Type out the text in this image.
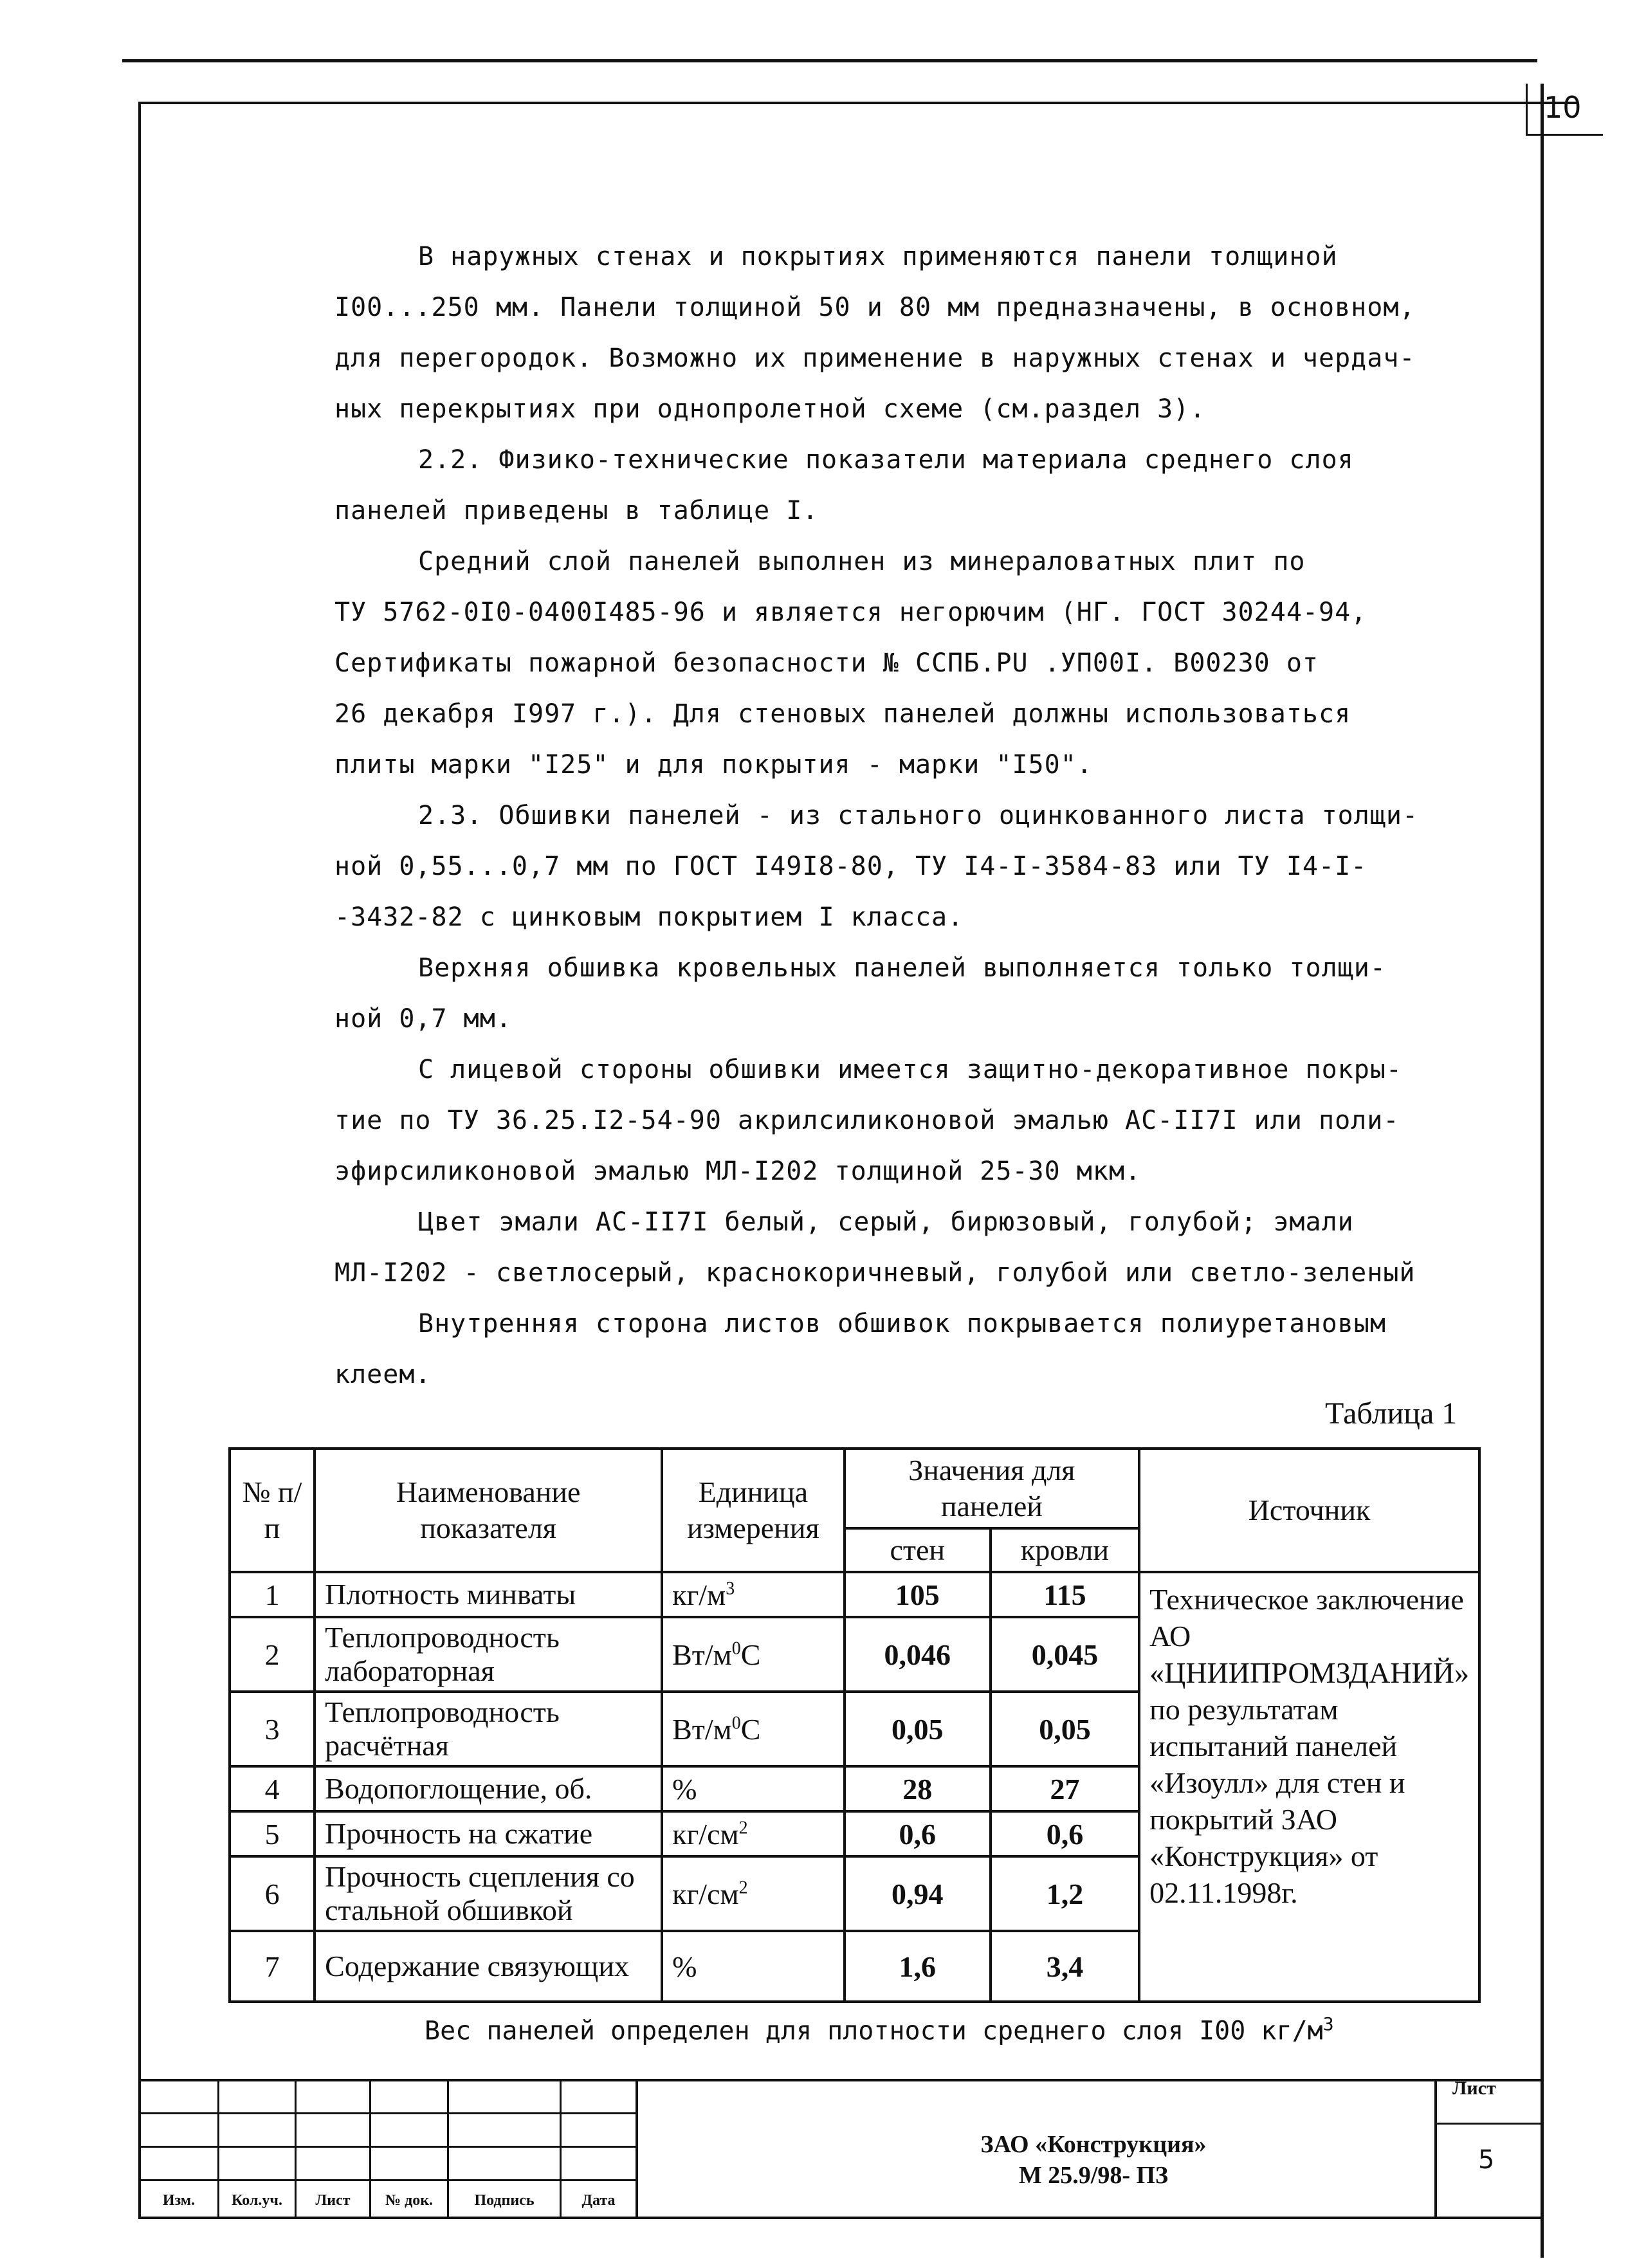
10
В наружных стенах и покрытиях применяются панели толщиной
I00...250 мм. Панели толщиной 50 и 80 мм предназначены, в основном,
для перегородок. Возможно их применение в наружных стенах и чердач-
ных перекрытиях при однопролетной схеме (см.раздел 3).
2.2. Физико-технические показатели материала среднего слоя
панелей приведены в таблице I.
Средний слой панелей выполнен из минераловатных плит по
ТУ 5762-0I0-0400I485-96 и является негорючим (НГ. ГОСТ 30244-94,
Сертификаты пожарной безопасности № ССПБ.РU .УП00I. В00230 от
26 декабря I997 г.). Для стеновых панелей должны использоваться
плиты марки "I25" и для покрытия - марки "I50".
2.3. Обшивки панелей - из стального оцинкованного листа толщи-
ной 0,55...0,7 мм по ГОСТ I49I8-80, ТУ I4-I-3584-83 или ТУ I4-I-
-3432-82 с цинковым покрытием I класса.
Верхняя обшивка кровельных панелей выполняется только толщи-
ной 0,7 мм.
С лицевой стороны обшивки имеется защитно-декоративное покры-
тие по ТУ 36.25.I2-54-90 акрилсиликоновой эмалью АС-II7I или поли-
эфирсиликоновой эмалью МЛ-I202 толщиной 25-30 мкм.
Цвет эмали АС-II7I белый, серый, бирюзовый, голубой; эмали
МЛ-I202 - светлосерый, краснокоричневый, голубой или светло-зеленый
Внутренняя сторона листов обшивок покрывается полиуретановым
клеем.
Таблица 1
№ п/п	Наименование показателя	Единица измерения	Значения для панелей		Источник
			стен	кровли	
1	Плотность минваты	$кг/м^3$	105	115	Техническое заключение АО «ЦНИИПРОМЗДАНИЙ» по результатам испытаний панелей «Изоулл» для стен и покрытий ЗАО «Конструкция» от 02.11.1998г.
2	Теплопроводность лабораторная	$Вт/м^0С$	0,046	0,045	
3	Теплопроводность расчётная	$Вт/м^0С$	0,05	0,05	
4	Водопоглощение, об.	%	28	27	
5	Прочность на сжатие	$кг/см^2$	0,6	0,6	
6	Прочность сцепления со стальной обшивкой	$кг/см^2$	0,94	1,2	
7	Содержание связующих	%	1,6	3,4	
Вес панелей определен для плотности среднего слоя I00 $кг/м^3$
Изм.	Кол.уч.	Лист	№ док.	Подпись	Дата
ЗАО «Конструкция»
М 25.9/98- ПЗ
Лист
5
